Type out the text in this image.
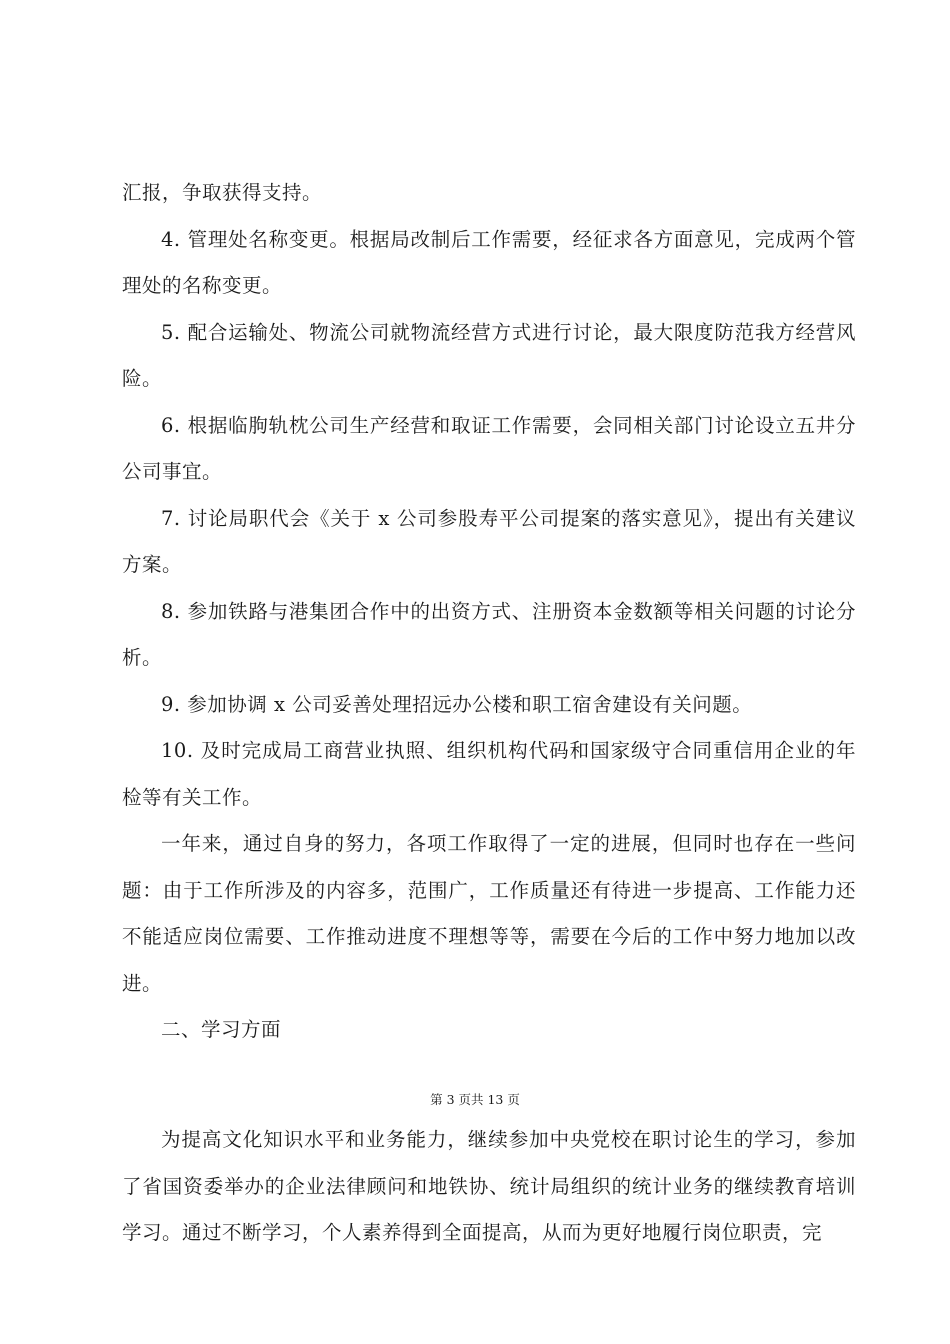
汇报，争取获得支持。

4. 管理处名称变更。根据局改制后工作需要，经征求各方面意见，完成两个管理处的名称变更。

5. 配合运输处、物流公司就物流经营方式进行讨论，最大限度防范我方经营风险。

6. 根据临朐轨枕公司生产经营和取证工作需要，会同相关部门讨论设立五井分公司事宜。

7. 讨论局职代会《关于 x 公司参股寿平公司提案的落实意见》，提出有关建议方案。

8. 参加铁路与港集团合作中的出资方式、注册资本金数额等相关问题的讨论分析。

9. 参加协调 x 公司妥善处理招远办公楼和职工宿舍建设有关问题。

10. 及时完成局工商营业执照、组织机构代码和国家级守合同重信用企业的年检等有关工作。

一年来，通过自身的努力，各项工作取得了一定的进展，但同时也存在一些问题：由于工作所涉及的内容多，范围广，工作质量还有待进一步提高、工作能力还不能适应岗位需要、工作推动进度不理想等等，需要在今后的工作中努力地加以改进。

二、学习方面

第 3 页共 13 页

为提高文化知识水平和业务能力，继续参加中央党校在职讨论生的学习，参加了省国资委举办的企业法律顾问和地铁协、统计局组织的统计业务的继续教育培训学习。通过不断学习，个人素养得到全面提高，从而为更好地履行岗位职责，完
